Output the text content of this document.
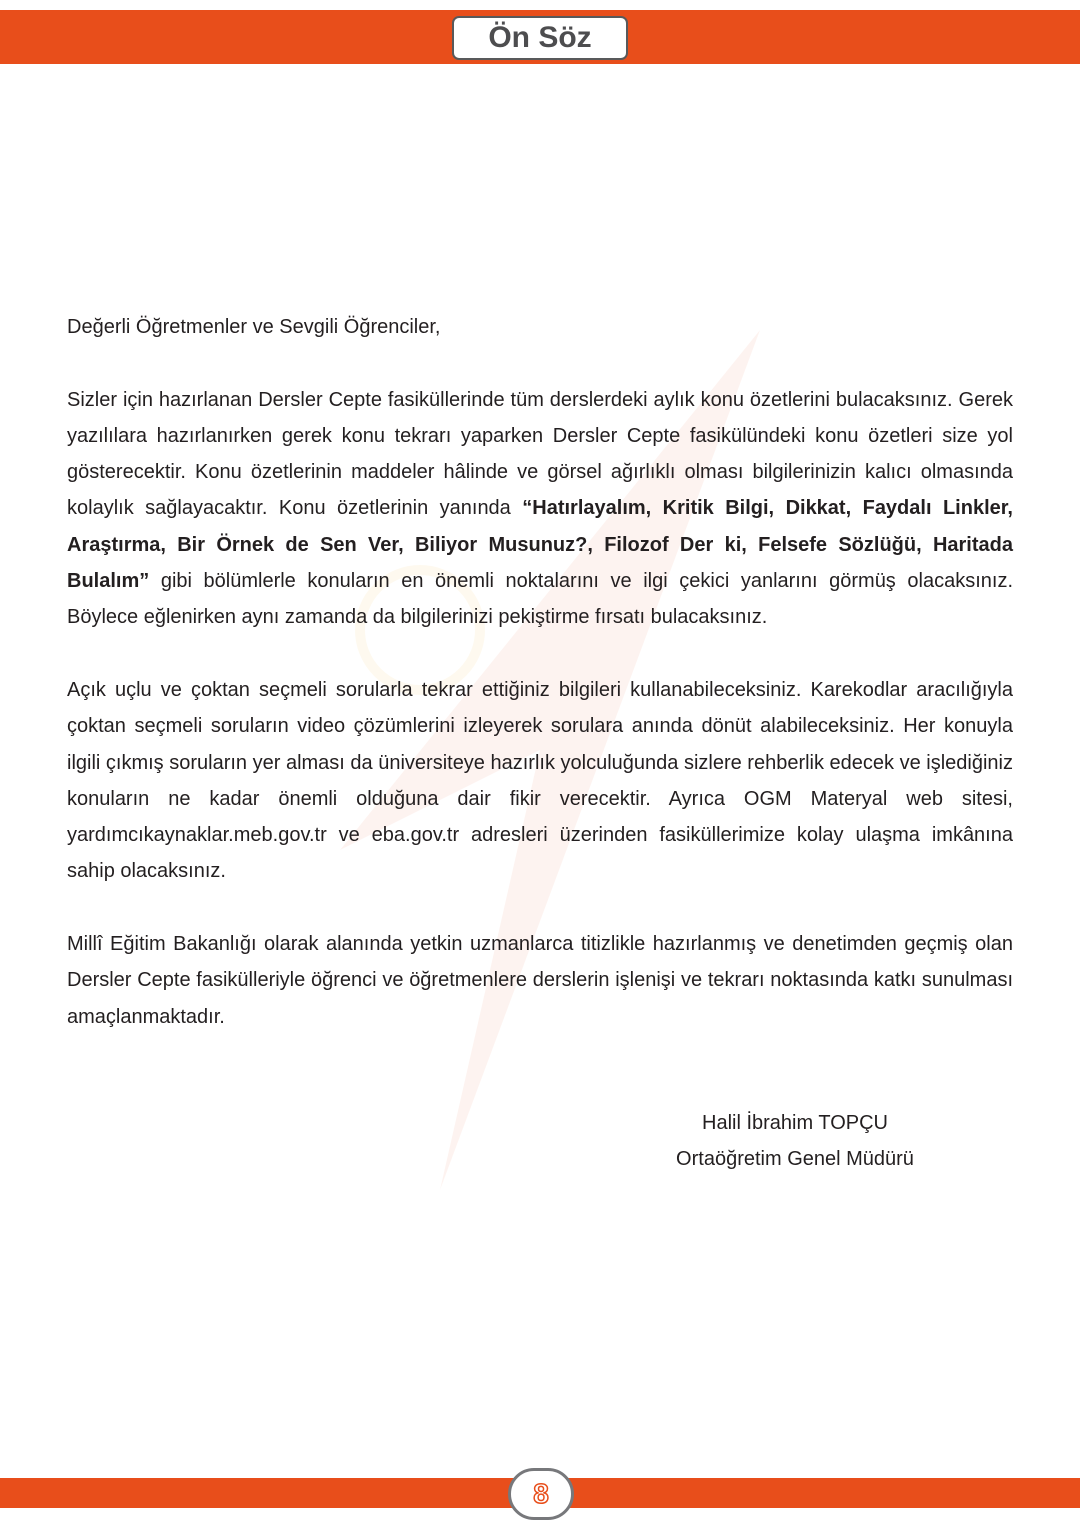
Ön Söz

Değerli Öğretmenler ve Sevgili Öğrenciler,

Sizler için hazırlanan Dersler Cepte fasiküllerinde tüm derslerdeki aylık konu özetlerini bulacaksınız. Gerek yazılılara hazırlanırken gerek konu tekrarı yaparken Dersler Cepte fasikülündeki konu özetleri size yol gösterecektir. Konu özetlerinin maddeler hâlinde ve görsel ağırlıklı olması bilgilerinizin kalıcı olmasında kolaylık sağlayacaktır. Konu özetlerinin yanında “Hatırlayalım, Kritik Bilgi, Dikkat, Faydalı Linkler, Araştırma, Bir Örnek de Sen Ver, Biliyor Musunuz?, Filozof Der ki, Felsefe Sözlüğü, Haritada Bulalım” gibi bölümlerle konuların en önemli noktalarını ve ilgi çekici yanlarını görmüş olacaksınız. Böylece eğlenirken aynı zamanda da bilgilerinizi pekiştirme fırsatı bulacaksınız.

Açık uçlu ve çoktan seçmeli sorularla tekrar ettiğiniz bilgileri kullanabileceksiniz. Karekodlar aracılığıyla çoktan seçmeli soruların video çözümlerini izleyerek sorulara anında dönüt alabileceksiniz. Her konuyla ilgili çıkmış soruların yer alması da üniversiteye hazırlık yolculuğunda sizlere rehberlik edecek ve işlediğiniz konuların ne kadar önemli olduğuna dair fikir verecektir. Ayrıca OGM Materyal web sitesi, yardımcıkaynaklar.meb.gov.tr ve eba.gov.tr adresleri üzerinden fasiküllerimize kolay ulaşma imkânına sahip olacaksınız.

Millî Eğitim Bakanlığı olarak alanında yetkin uzmanlarca titizlikle hazırlanmış ve denetimden geçmiş olan Dersler Cepte fasikülleriyle öğrenci ve öğretmenlere derslerin işlenişi ve tekrarı noktasında katkı sunulması amaçlanmaktadır.

Halil İbrahim TOPÇU
Ortaöğretim Genel Müdürü
8
